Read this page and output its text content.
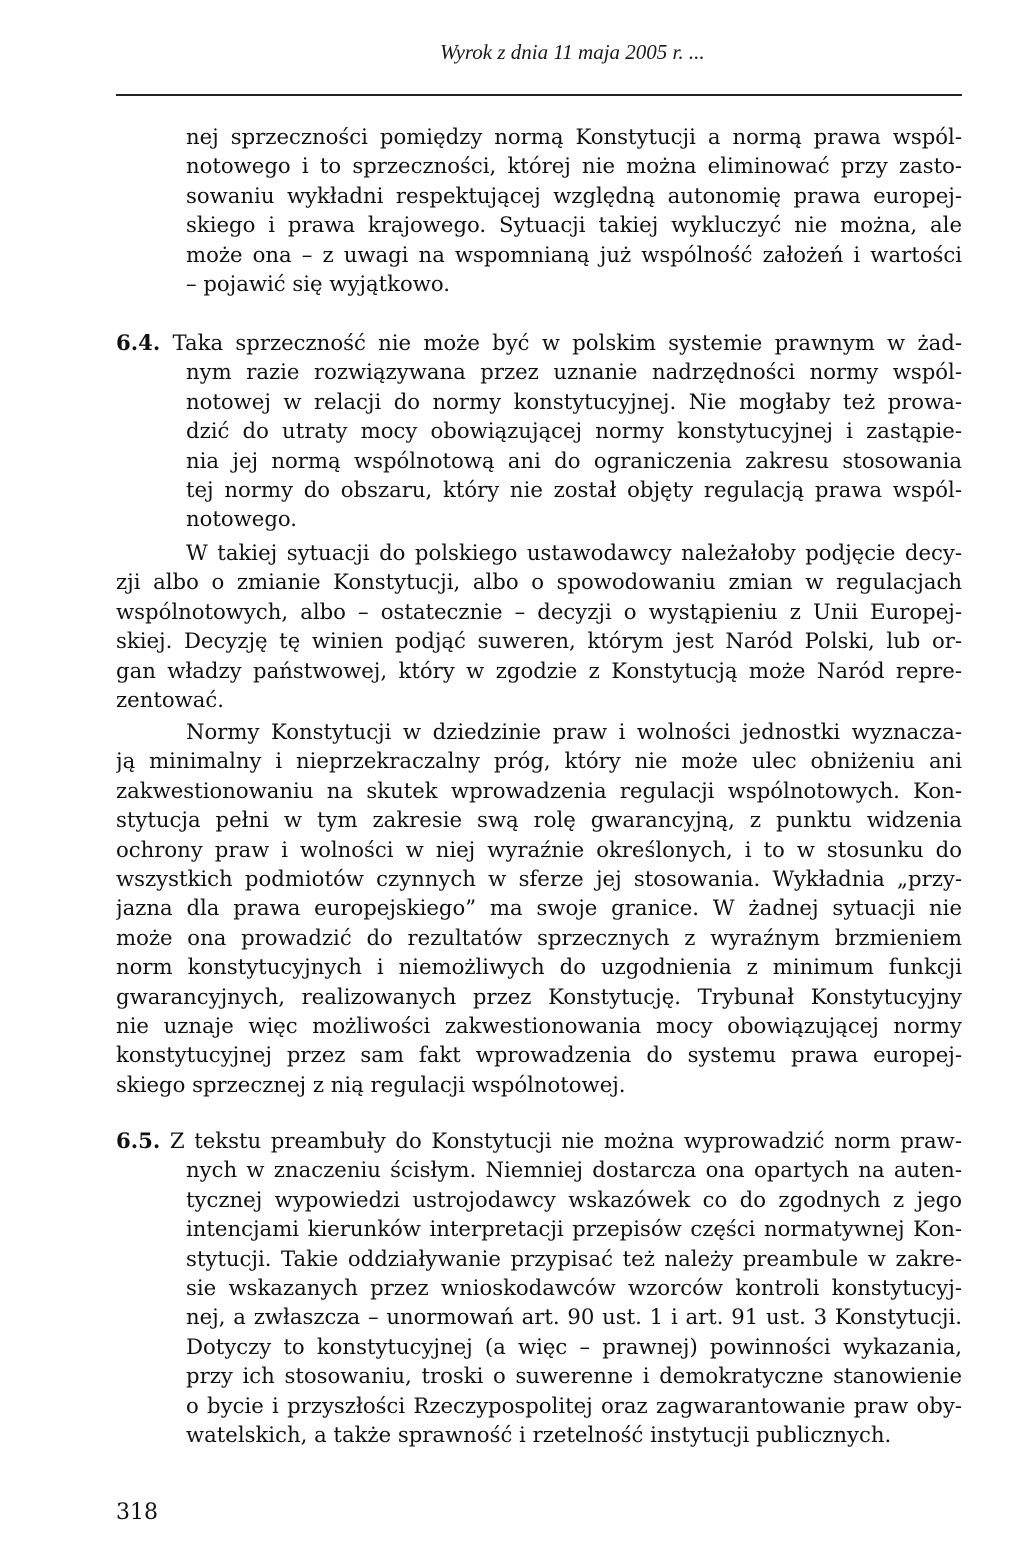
Wyrok z dnia 11 maja 2005 r. ...
nej sprzeczności pomiędzy normą Konstytucji a normą prawa wspól-
notowego i to sprzeczności, której nie można eliminować przy zasto-
sowaniu wykładni respektującej względną autonomię prawa europej-
skiego i prawa krajowego. Sytuacji takiej wykluczyć nie można, ale
może ona – z uwagi na wspomnianą już wspólność założeń i wartości
– pojawić się wyjątkowo.
6.4. Taka sprzeczność nie może być w polskim systemie prawnym w żad-
nym razie rozwiązywana przez uznanie nadrzędności normy wspól-
notowej w relacji do normy konstytucyjnej. Nie mogłaby też prowa-
dzić do utraty mocy obowiązującej normy konstytucyjnej i zastąpie-
nia jej normą wspólnotową ani do ograniczenia zakresu stosowania
tej normy do obszaru, który nie został objęty regulacją prawa wspól-
notowego.
W takiej sytuacji do polskiego ustawodawcy należałoby podjęcie decy-
zji albo o zmianie Konstytucji, albo o spowodowaniu zmian w regulacjach
wspólnotowych, albo – ostatecznie – decyzji o wystąpieniu z Unii Europej-
skiej. Decyzję tę winien podjąć suweren, którym jest Naród Polski, lub or-
gan władzy państwowej, który w zgodzie z Konstytucją może Naród repre-
zentować.
Normy Konstytucji w dziedzinie praw i wolności jednostki wyznacza-
ją minimalny i nieprzekraczalny próg, który nie może ulec obniżeniu ani
zakwestionowaniu na skutek wprowadzenia regulacji wspólnotowych. Kon-
stytucja pełni w tym zakresie swą rolę gwarancyjną, z punktu widzenia
ochrony praw i wolności w niej wyraźnie określonych, i to w stosunku do
wszystkich podmiotów czynnych w sferze jej stosowania. Wykładnia „przy-
jazna dla prawa europejskiego” ma swoje granice. W żadnej sytuacji nie
może ona prowadzić do rezultatów sprzecznych z wyraźnym brzmieniem
norm konstytucyjnych i niemożliwych do uzgodnienia z minimum funkcji
gwarancyjnych, realizowanych przez Konstytucję. Trybunał Konstytucyjny
nie uznaje więc możliwości zakwestionowania mocy obowiązującej normy
konstytucyjnej przez sam fakt wprowadzenia do systemu prawa europej-
skiego sprzecznej z nią regulacji wspólnotowej.
6.5. Z tekstu preambuły do Konstytucji nie można wyprowadzić norm praw-
nych w znaczeniu ścisłym. Niemniej dostarcza ona opartych na auten-
tycznej wypowiedzi ustrojodawcy wskazówek co do zgodnych z jego
intencjami kierunków interpretacji przepisów części normatywnej Kon-
stytucji. Takie oddziaływanie przypisać też należy preambule w zakre-
sie wskazanych przez wnioskodawców wzorców kontroli konstytucyj-
nej, a zwłaszcza – unormowań art. 90 ust. 1 i art. 91 ust. 3 Konstytucji.
Dotyczy to konstytucyjnej (a więc – prawnej) powinności wykazania,
przy ich stosowaniu, troski o suwerenne i demokratyczne stanowienie
o bycie i przyszłości Rzeczypospolitej oraz zagwarantowanie praw oby-
watelskich, a także sprawność i rzetelność instytucji publicznych.
318
